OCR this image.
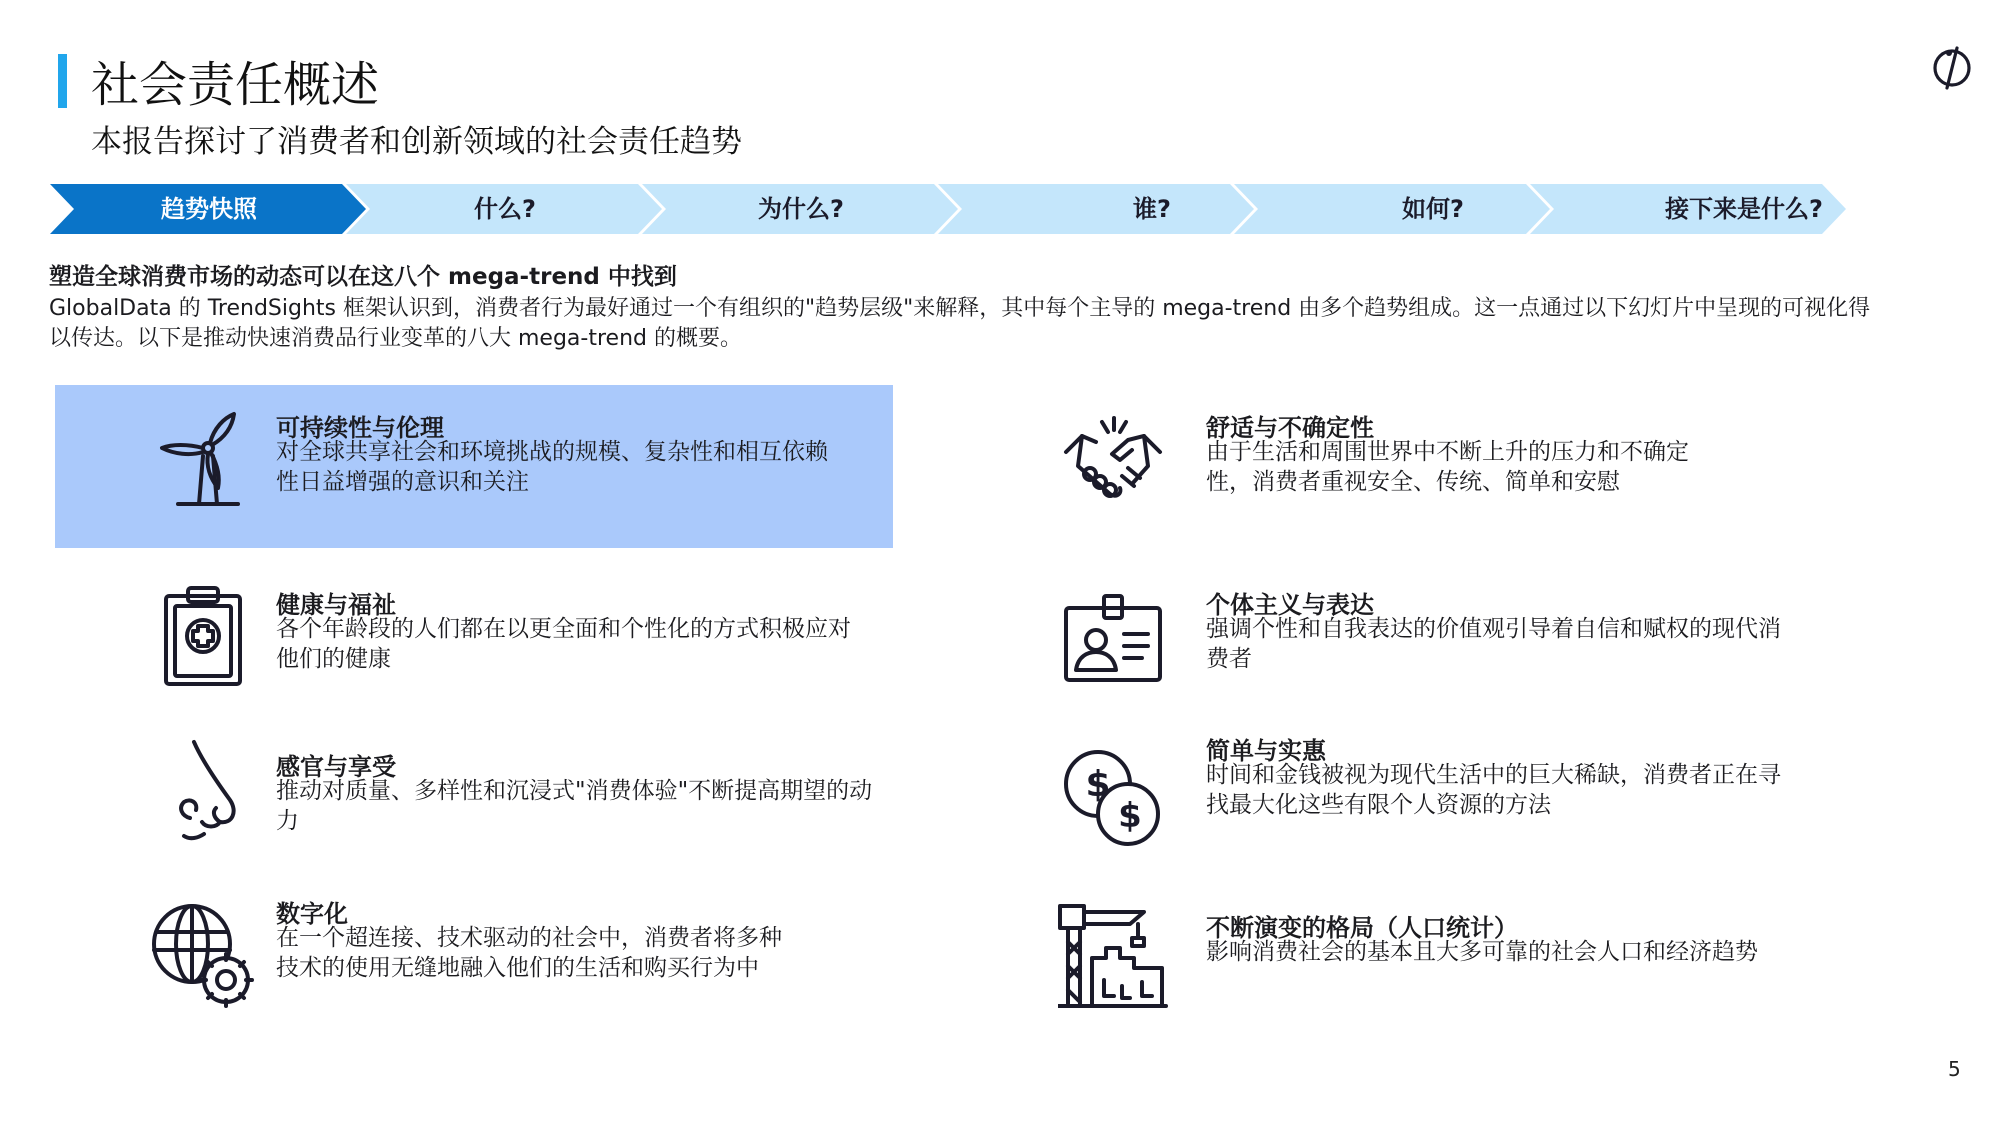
社会责任概述
本报告探讨了消费者和创新领域的社会责任趋势
趋势快照	什么?	为什么?	谁?	如何?	接下来是什么?
塑造全球消费市场的动态可以在这八个 mega-trend 中找到

GlobalData 的 TrendSights 框架认识到，消费者行为最好通过一个有组织的"趋势层级"来解释，其中每个主导的 mega-trend 由多个趋势组成。这一点通过以下幻灯片中呈现的可视化得以传达。以下是推动快速消费品行业变革的八大 mega-trend 的概要。

可持续性与伦理

对全球共享社会和环境挑战的规模、复杂性和相互依赖性日益增强的意识和关注

舒适与不确定性

由于生活和周围世界中不断上升的压力和不确定性，消费者重视安全、传统、简单和安慰

健康与福祉

各个年龄段的人们都在以更全面和个性化的方式积极应对他们的健康

个体主义与表达

强调个性和自我表达的价值观引导着自信和赋权的现代消费者

感官与享受

推动对质量、多样性和沉浸式"消费体验"不断提高期望的动力

$
$
简单与实惠

时间和金钱被视为现代生活中的巨大稀缺，消费者正在寻找最大化这些有限个人资源的方法

数字化

在一个超连接、技术驱动的社会中，消费者将多种技术的使用无缝地融入他们的生活和购买行为中

不断演变的格局（人口统计）

影响消费社会的基本且大多可靠的社会人口和经济趋势

5
